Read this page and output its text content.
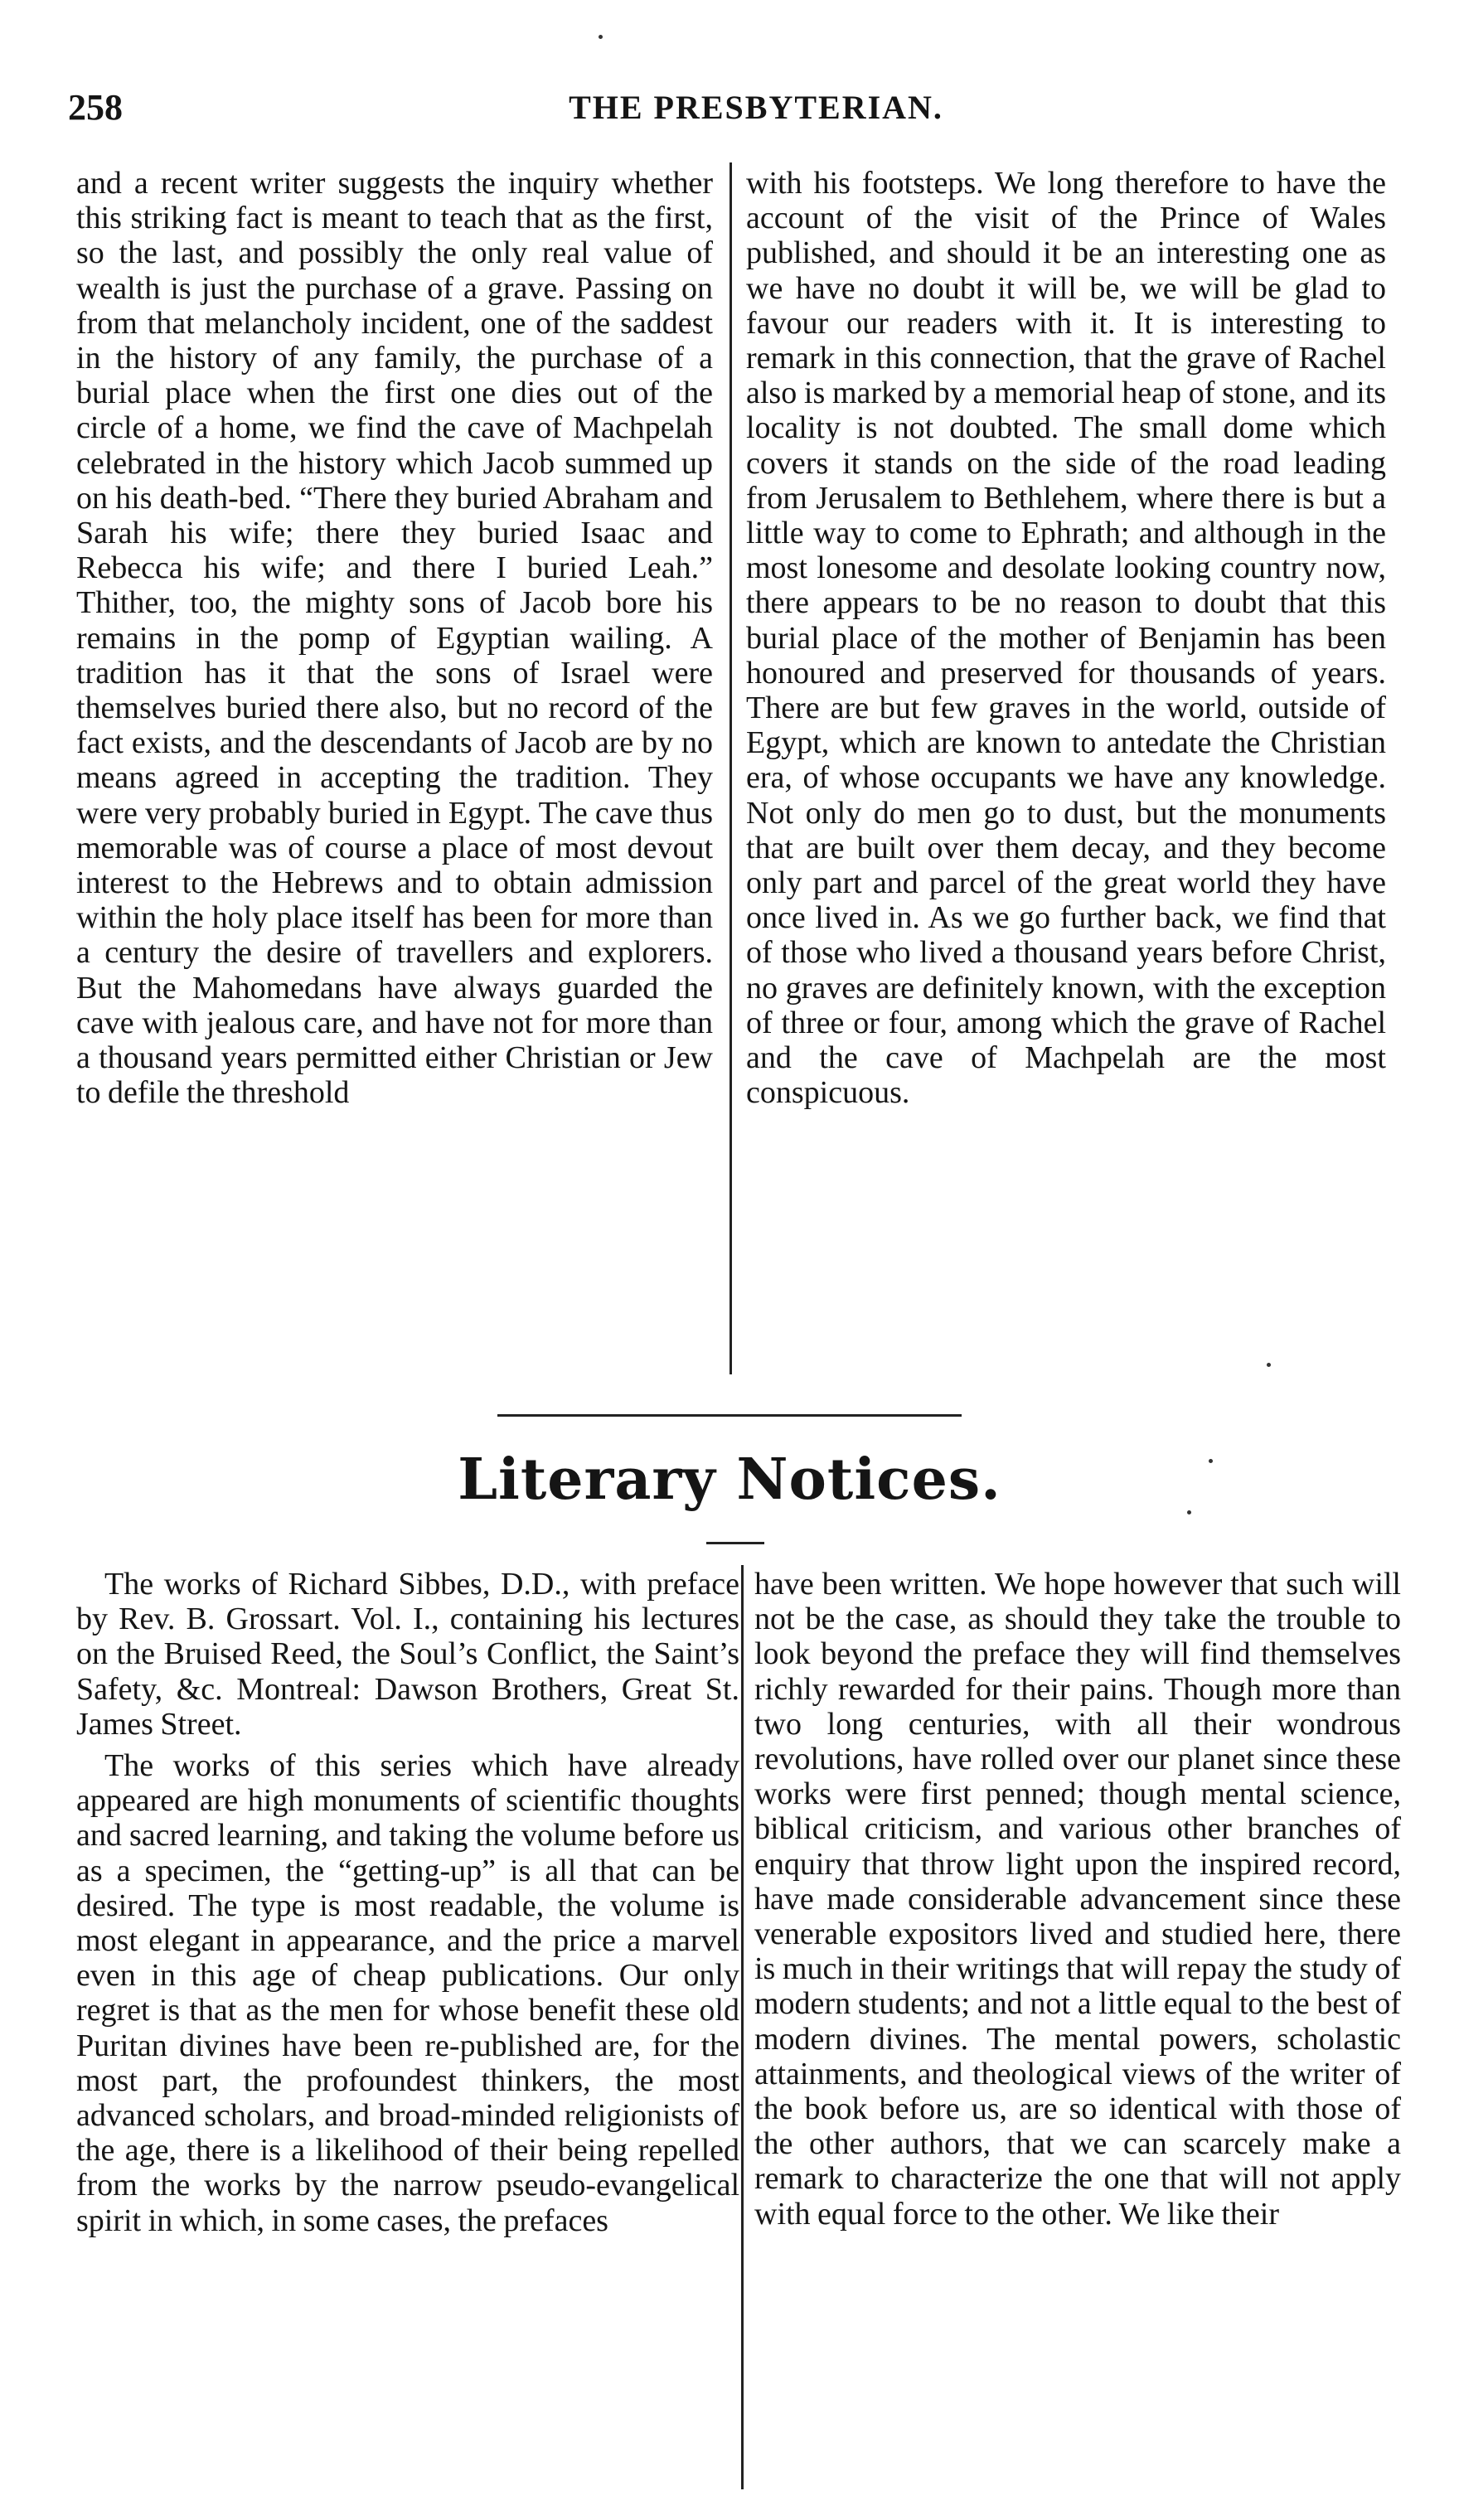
258	THE PRESBYTERIAN.

and a recent writer suggests the inquiry whether this striking fact is meant to teach that as the first, so the last, and possibly the only real value of wealth is just the purchase of a grave. Passing on from that melancholy incident, one of the saddest in the history of any family, the purchase of a burial place when the first one dies out of the circle of a home, we find the cave of Machpelah celebrated in the history which Jacob summed up on his death-bed. “There they buried Abraham and Sarah his wife; there they buried Isaac and Rebecca his wife; and there I buried Leah.” Thither, too, the mighty sons of Jacob bore his remains in the pomp of Egyptian wailing. A tradition has it that the sons of Israel were themselves buried there also, but no record of the fact exists, and the descendants of Jacob are by no means agreed in accepting the tradition. They were very probably buried in Egypt. The cave thus memorable was of course a place of most devout interest to the Hebrews and to obtain admission within the holy place itself has been for more than a century the desire of travellers and explorers. But the Mahomedans have always guarded the cave with jealous care, and have not for more than a thousand years permitted either Christian or Jew to defile the threshold

with his footsteps. We long therefore to have the account of the visit of the Prince of Wales published, and should it be an interesting one as we have no doubt it will be, we will be glad to favour our readers with it. It is interesting to remark in this connection, that the grave of Rachel also is marked by a memorial heap of stone, and its locality is not doubted. The small dome which covers it stands on the side of the road leading from Jerusalem to Bethlehem, where there is but a little way to come to Ephrath; and although in the most lonesome and desolate looking country now, there appears to be no reason to doubt that this burial place of the mother of Benjamin has been honoured and preserved for thousands of years. There are but few graves in the world, outside of Egypt, which are known to antedate the Christian era, of whose occupants we have any knowledge. Not only do men go to dust, but the monuments that are built over them decay, and they become only part and parcel of the great world they have once lived in. As we go further back, we find that of those who lived a thousand years before Christ, no graves are definitely known, with the exception of three or four, among which the grave of Rachel and the cave of Machpelah are the most conspicuous.

Literary Notices.

The works of Richard Sibbes, D.D., with preface by Rev. B. Grossart. Vol. I., containing his lectures on the Bruised Reed, the Soul’s Conflict, the Saint’s Safety, &c. Montreal: Dawson Brothers, Great St. James Street.

The works of this series which have already appeared are high monuments of scientific thoughts and sacred learning, and taking the volume before us as a specimen, the “getting-up” is all that can be desired. The type is most readable, the volume is most elegant in appearance, and the price a marvel even in this age of cheap publications. Our only regret is that as the men for whose benefit these old Puritan divines have been re-published are, for the most part, the profoundest thinkers, the most advanced scholars, and broad-minded religionists of the age, there is a likelihood of their being repelled from the works by the narrow pseudo-evangelical spirit in which, in some cases, the prefaces

have been written. We hope however that such will not be the case, as should they take the trouble to look beyond the preface they will find themselves richly rewarded for their pains. Though more than two long centuries, with all their wondrous revolutions, have rolled over our planet since these works were first penned; though mental science, biblical criticism, and various other branches of enquiry that throw light upon the inspired record, have made considerable advancement since these venerable expositors lived and studied here, there is much in their writings that will repay the study of modern students; and not a little equal to the best of modern divines. The mental powers, scholastic attainments, and theological views of the writer of the book before us, are so identical with those of the other authors, that we can scarcely make a remark to characterize the one that will not apply with equal force to the other. We like their
